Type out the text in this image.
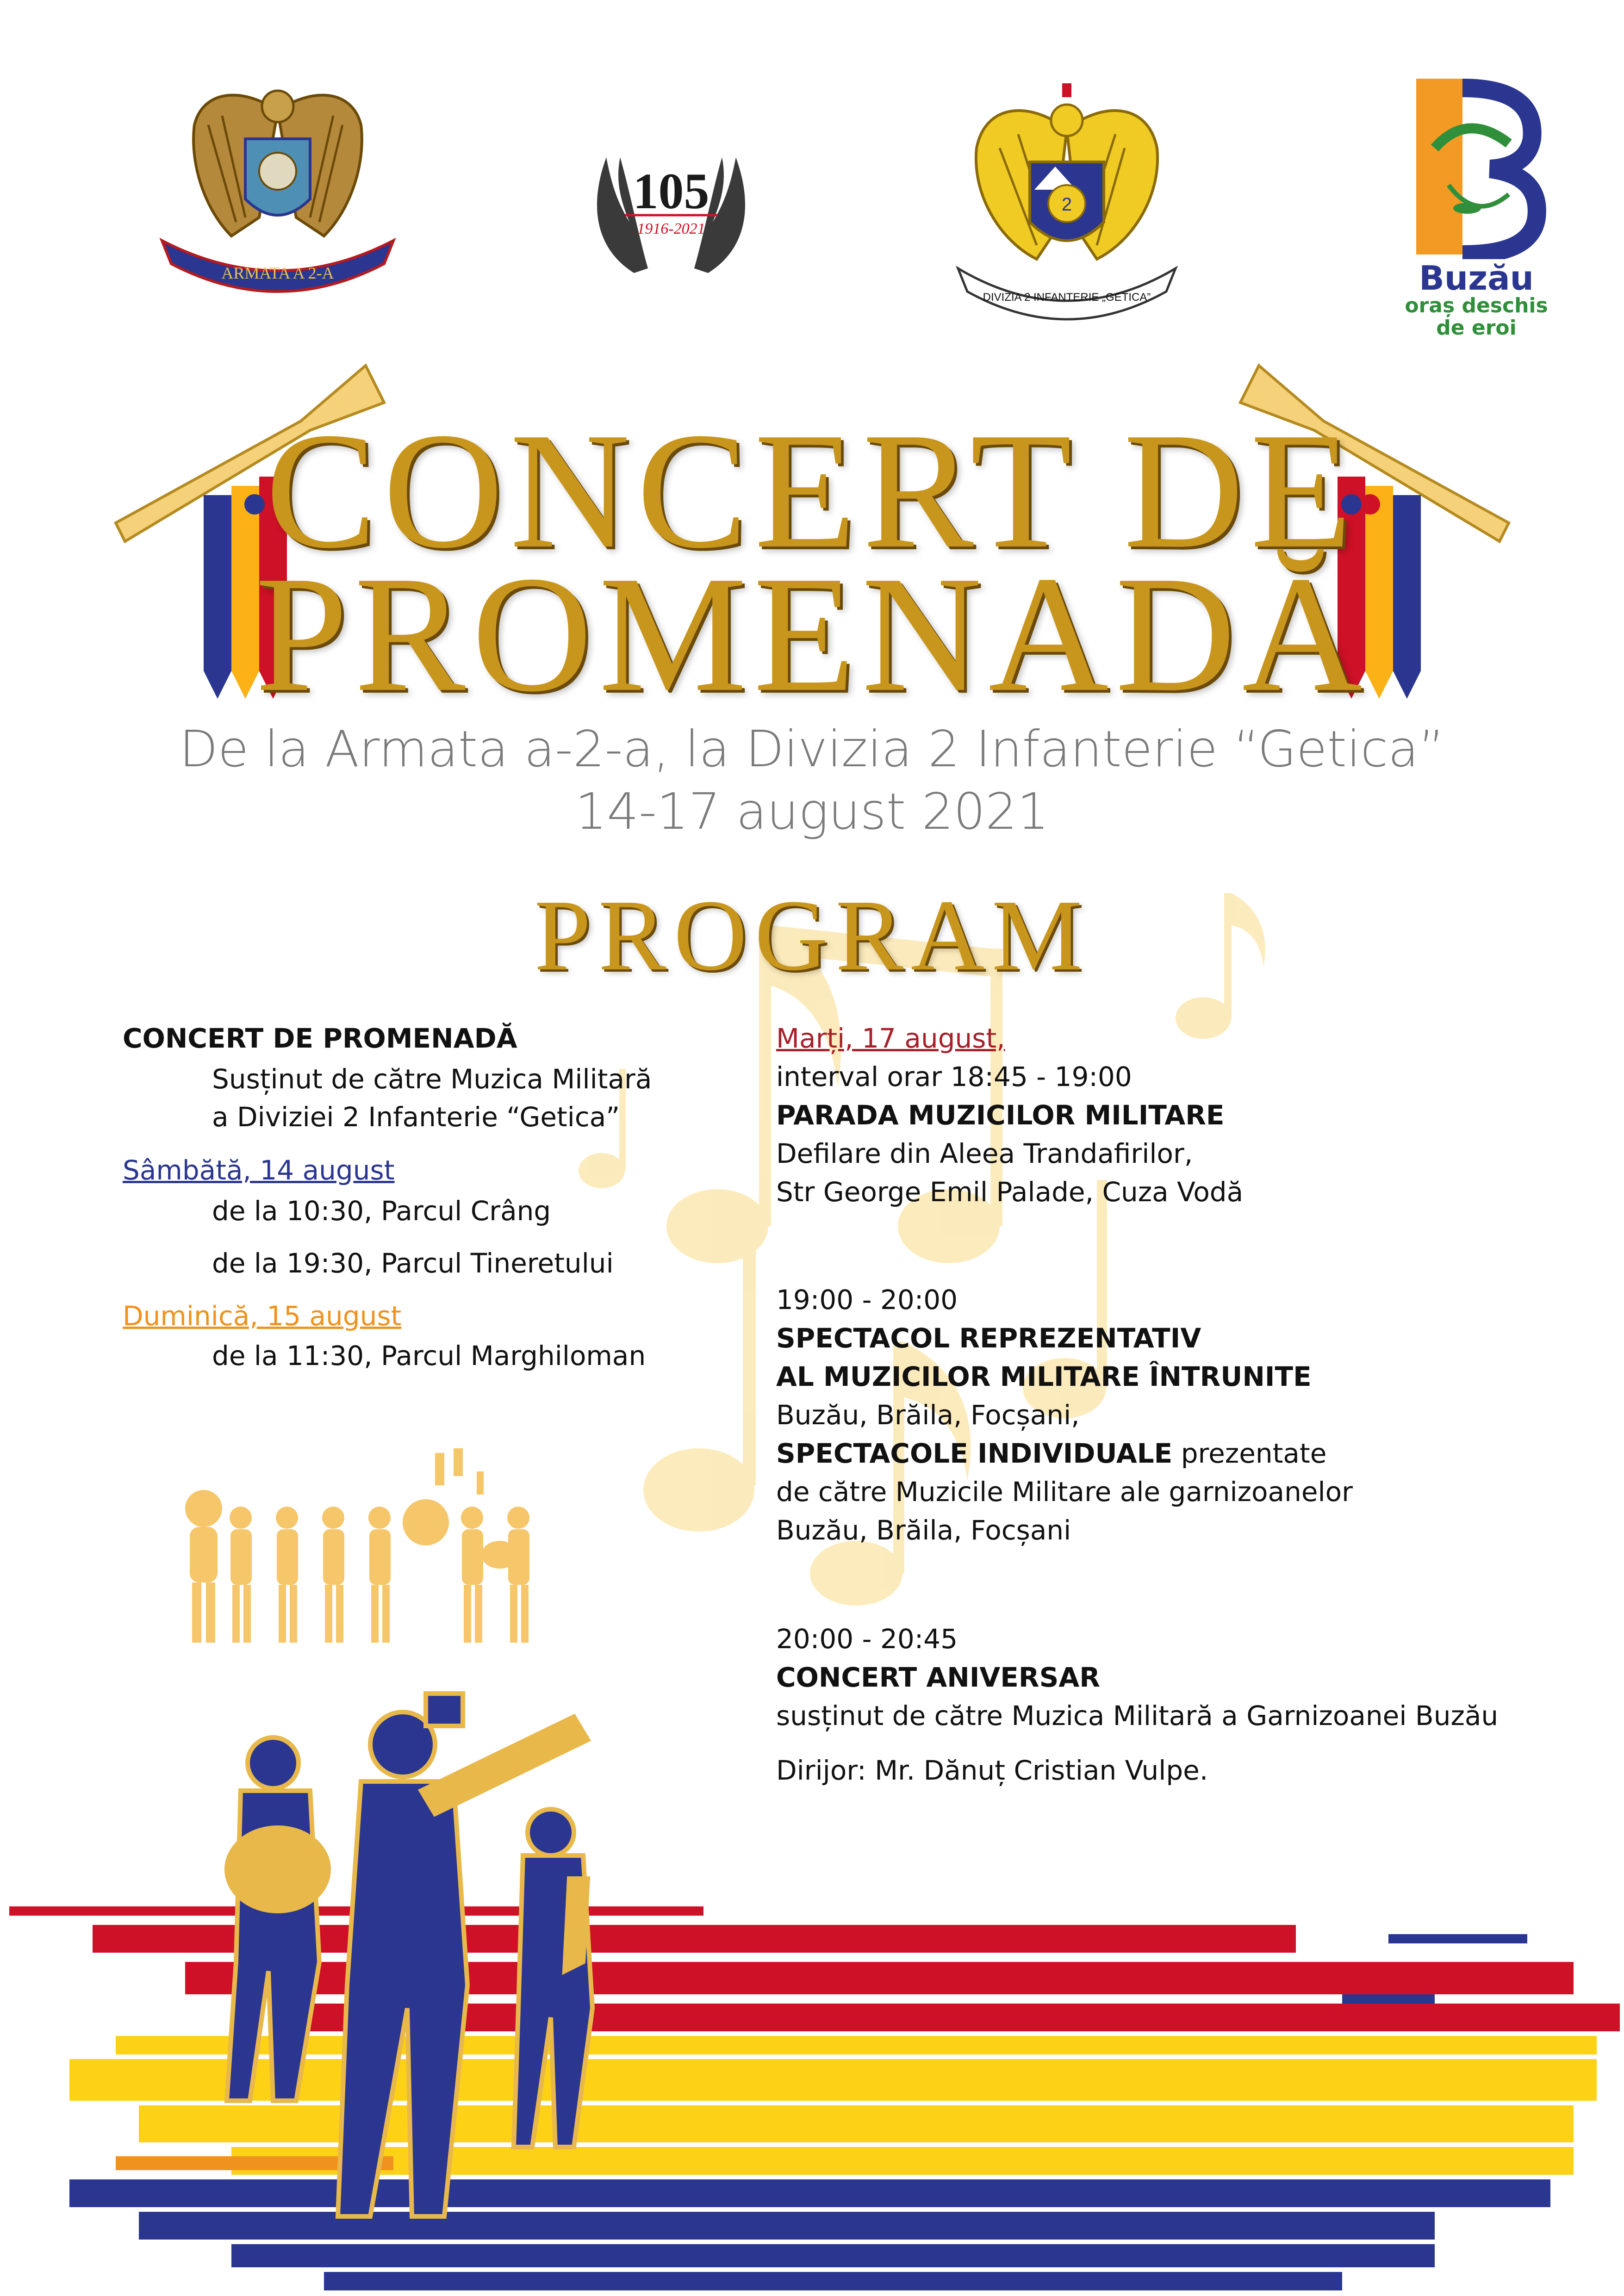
ARMATA A 2-A
105
1916-2021
2
DIVIZIA 2 INFANTERIE „GETICA”	Buzău
oraș deschis
de eroi
CONCERT DE
PROMENADĂ
De la Armata a-2-a, la Divizia 2 Infanterie “Getica”
14-17 august 2021
PROGRAM
CONCERT DE PROMENADĂ
Susținut de către Muzica Militară
a Diviziei 2 Infanterie “Getica”
Sâmbătă, 14 august
de la 10:30, Parcul Crâng
de la 19:30, Parcul Tineretului
Duminică, 15 august
de la 11:30, Parcul Marghiloman
Marți, 17 august,
interval orar 18:45 - 19:00
PARADA MUZICILOR MILITARE
Defilare din Aleea Trandafirilor,
Str George Emil Palade, Cuza Vodă
19:00 - 20:00
SPECTACOL REPREZENTATIV
AL MUZICILOR MILITARE ÎNTRUNITE
Buzău, Brăila, Focșani,
SPECTACOLE INDIVIDUALE prezentate
de către Muzicile Militare ale garnizoanelor
Buzău, Brăila, Focșani
20:00 - 20:45
CONCERT ANIVERSAR
susținut de către Muzica Militară a Garnizoanei Buzău
Dirijor: Mr. Dănuț Cristian Vulpe.
